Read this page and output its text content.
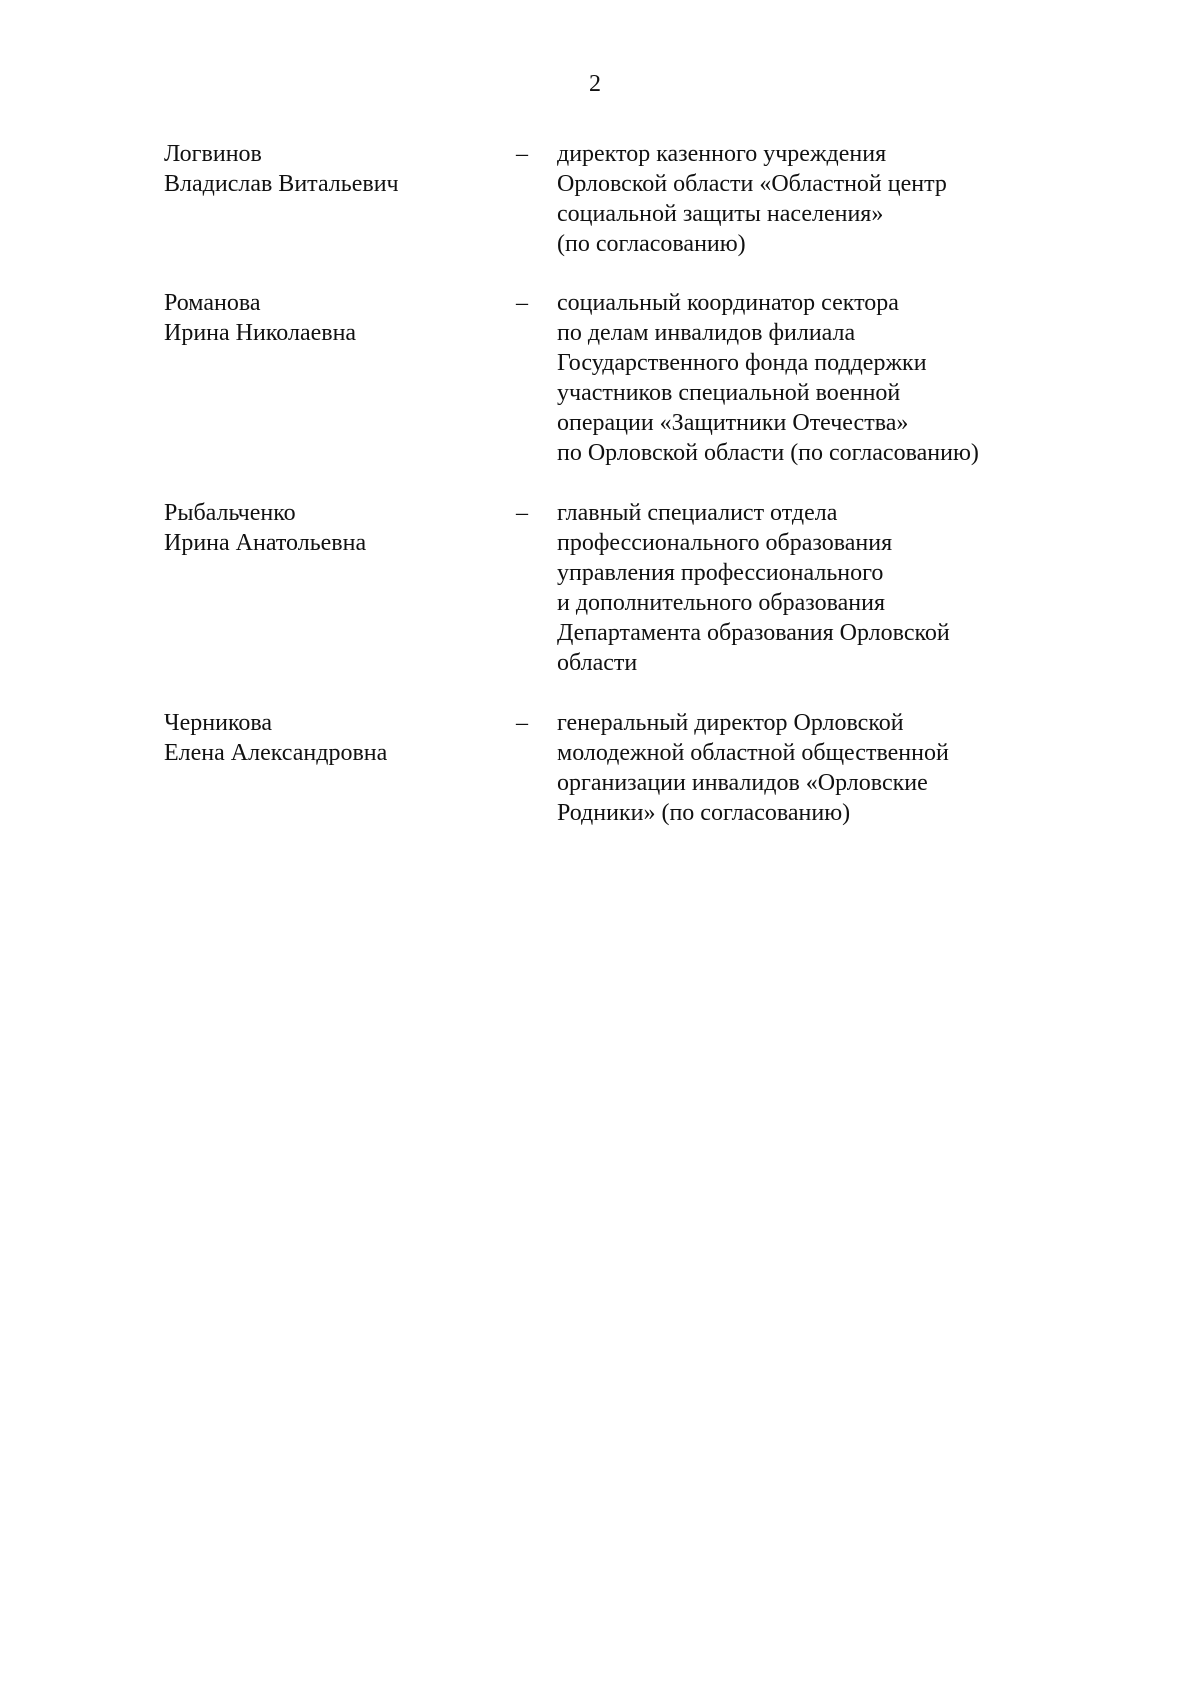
2
Логвинов
Владислав Витальевич
– директор казенного учреждения
Орловской области «Областной центр
социальной защиты населения»
(по согласованию)
Романова
Ирина Николаевна
– социальный координатор сектора
по делам инвалидов филиала
Государственного фонда поддержки
участников специальной военной
операции «Защитники Отечества»
по Орловской области (по согласованию)
Рыбальченко
Ирина Анатольевна
– главный специалист отдела
профессионального образования
управления профессионального
и дополнительного образования
Департамента образования Орловской
области
Черникова
Елена Александровна
– генеральный директор Орловской
молодежной областной общественной
организации инвалидов «Орловские
Родники» (по согласованию)
